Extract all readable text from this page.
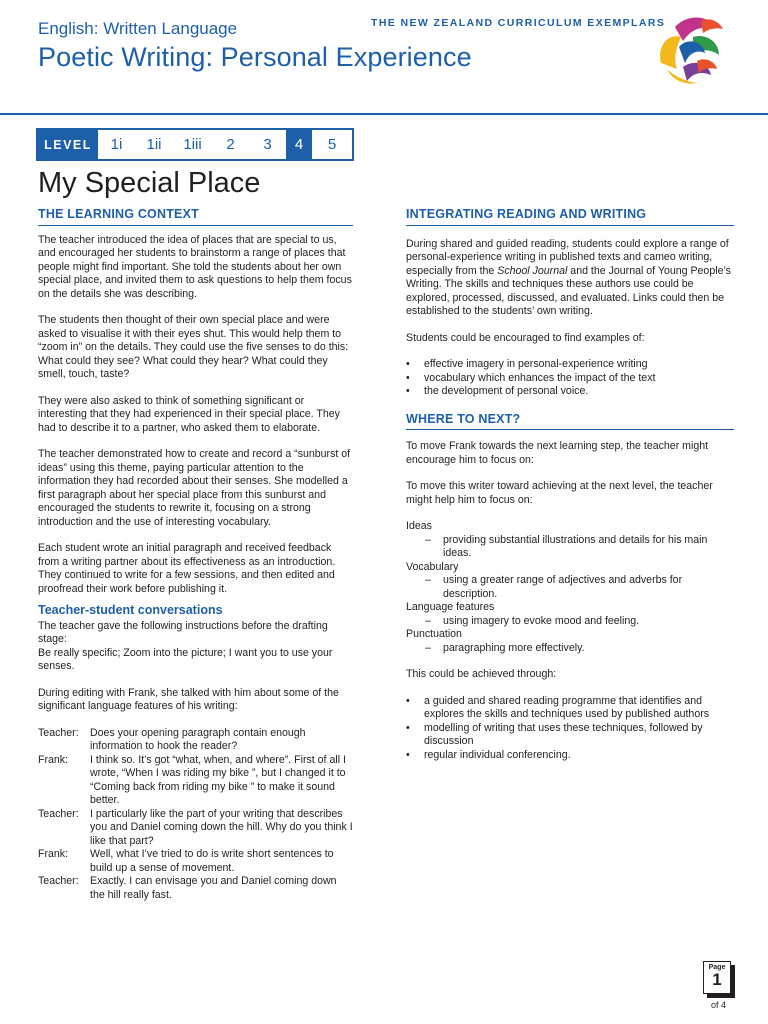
English: Written Language
Poetic Writing: Personal Experience
THE NEW ZEALAND CURRICULUM EXEMPLARS
LEVEL	1i	1ii	1iii	2	3	4	5
My Special Place
THE LEARNING CONTEXT

The teacher introduced the idea of places that are special to us, and encouraged her students to brainstorm a range of places that people might find important. She told the students about her own special place, and invited them to ask questions to help them focus on the details she was describing.

The students then thought of their own special place and were asked to visualise it with their eyes shut. This would help them to “zoom in” on the details. They could use the five senses to do this: What could they see? What could they hear? What could they smell, touch, taste?

They were also asked to think of something significant or interesting that they had experienced in their special place. They had to describe it to a partner, who asked them to elaborate.

The teacher demonstrated how to create and record a “sunburst of ideas” using this theme, paying particular attention to the information they had recorded about their senses. She modelled a first paragraph about her special place from this sunburst and encouraged the students to rewrite it, focusing on a strong introduction and the use of interesting vocabulary.

Each student wrote an initial paragraph and received feedback from a writing partner about its effectiveness as an introduction. They continued to write for a few sessions, and then edited and proofread their work before publishing it.

Teacher-student conversations

The teacher gave the following instructions before the drafting stage:

Be really specific; Zoom into the picture; I want you to use your senses.

During editing with Frank, she talked with him about some of the significant language features of his writing:

Teacher:	Does your opening paragraph contain enough information to hook the reader?
Frank:	I think so. It’s got “what, when, and where”. First of all I wrote, “When I was riding my bike ”, but I changed it to “Coming back from riding my bike ” to make it sound better.
Teacher:	I particularly like the part of your writing that describes you and Daniel coming down the hill. Why do you think I like that part?
Frank:	Well, what I’ve tried to do is write short sentences to build up a sense of movement.
Teacher:	Exactly. I can envisage you and Daniel coming down the hill really fast.
INTEGRATING READING AND WRITING

During shared and guided reading, students could explore a range of personal-experience writing in published texts and cameo writing, especially from the School Journal and the Journal of Young People’s Writing. The skills and techniques these authors use could be explored, processed, discussed, and evaluated. Links could then be established to the students’ own writing.

Students could be encouraged to find examples of:

• effective imagery in personal-experience writing
• vocabulary which enhances the impact of the text
• the development of personal voice.
WHERE TO NEXT?

To move Frank towards the next learning step, the teacher might encourage him to focus on:

To move this writer toward achieving at the next level, the teacher might help him to focus on:

Ideas
– providing substantial illustrations and details for his main ideas.
Vocabulary
– using a greater range of adjectives and adverbs for description.
Language features
– using imagery to evoke mood and feeling.
Punctuation
– paragraphing more effectively.

This could be achieved through:

• a guided and shared reading programme that identifies and explores the skills and techniques used by published authors
• modelling of writing that uses these techniques, followed by discussion
• regular individual conferencing.
Page
1
of 4
